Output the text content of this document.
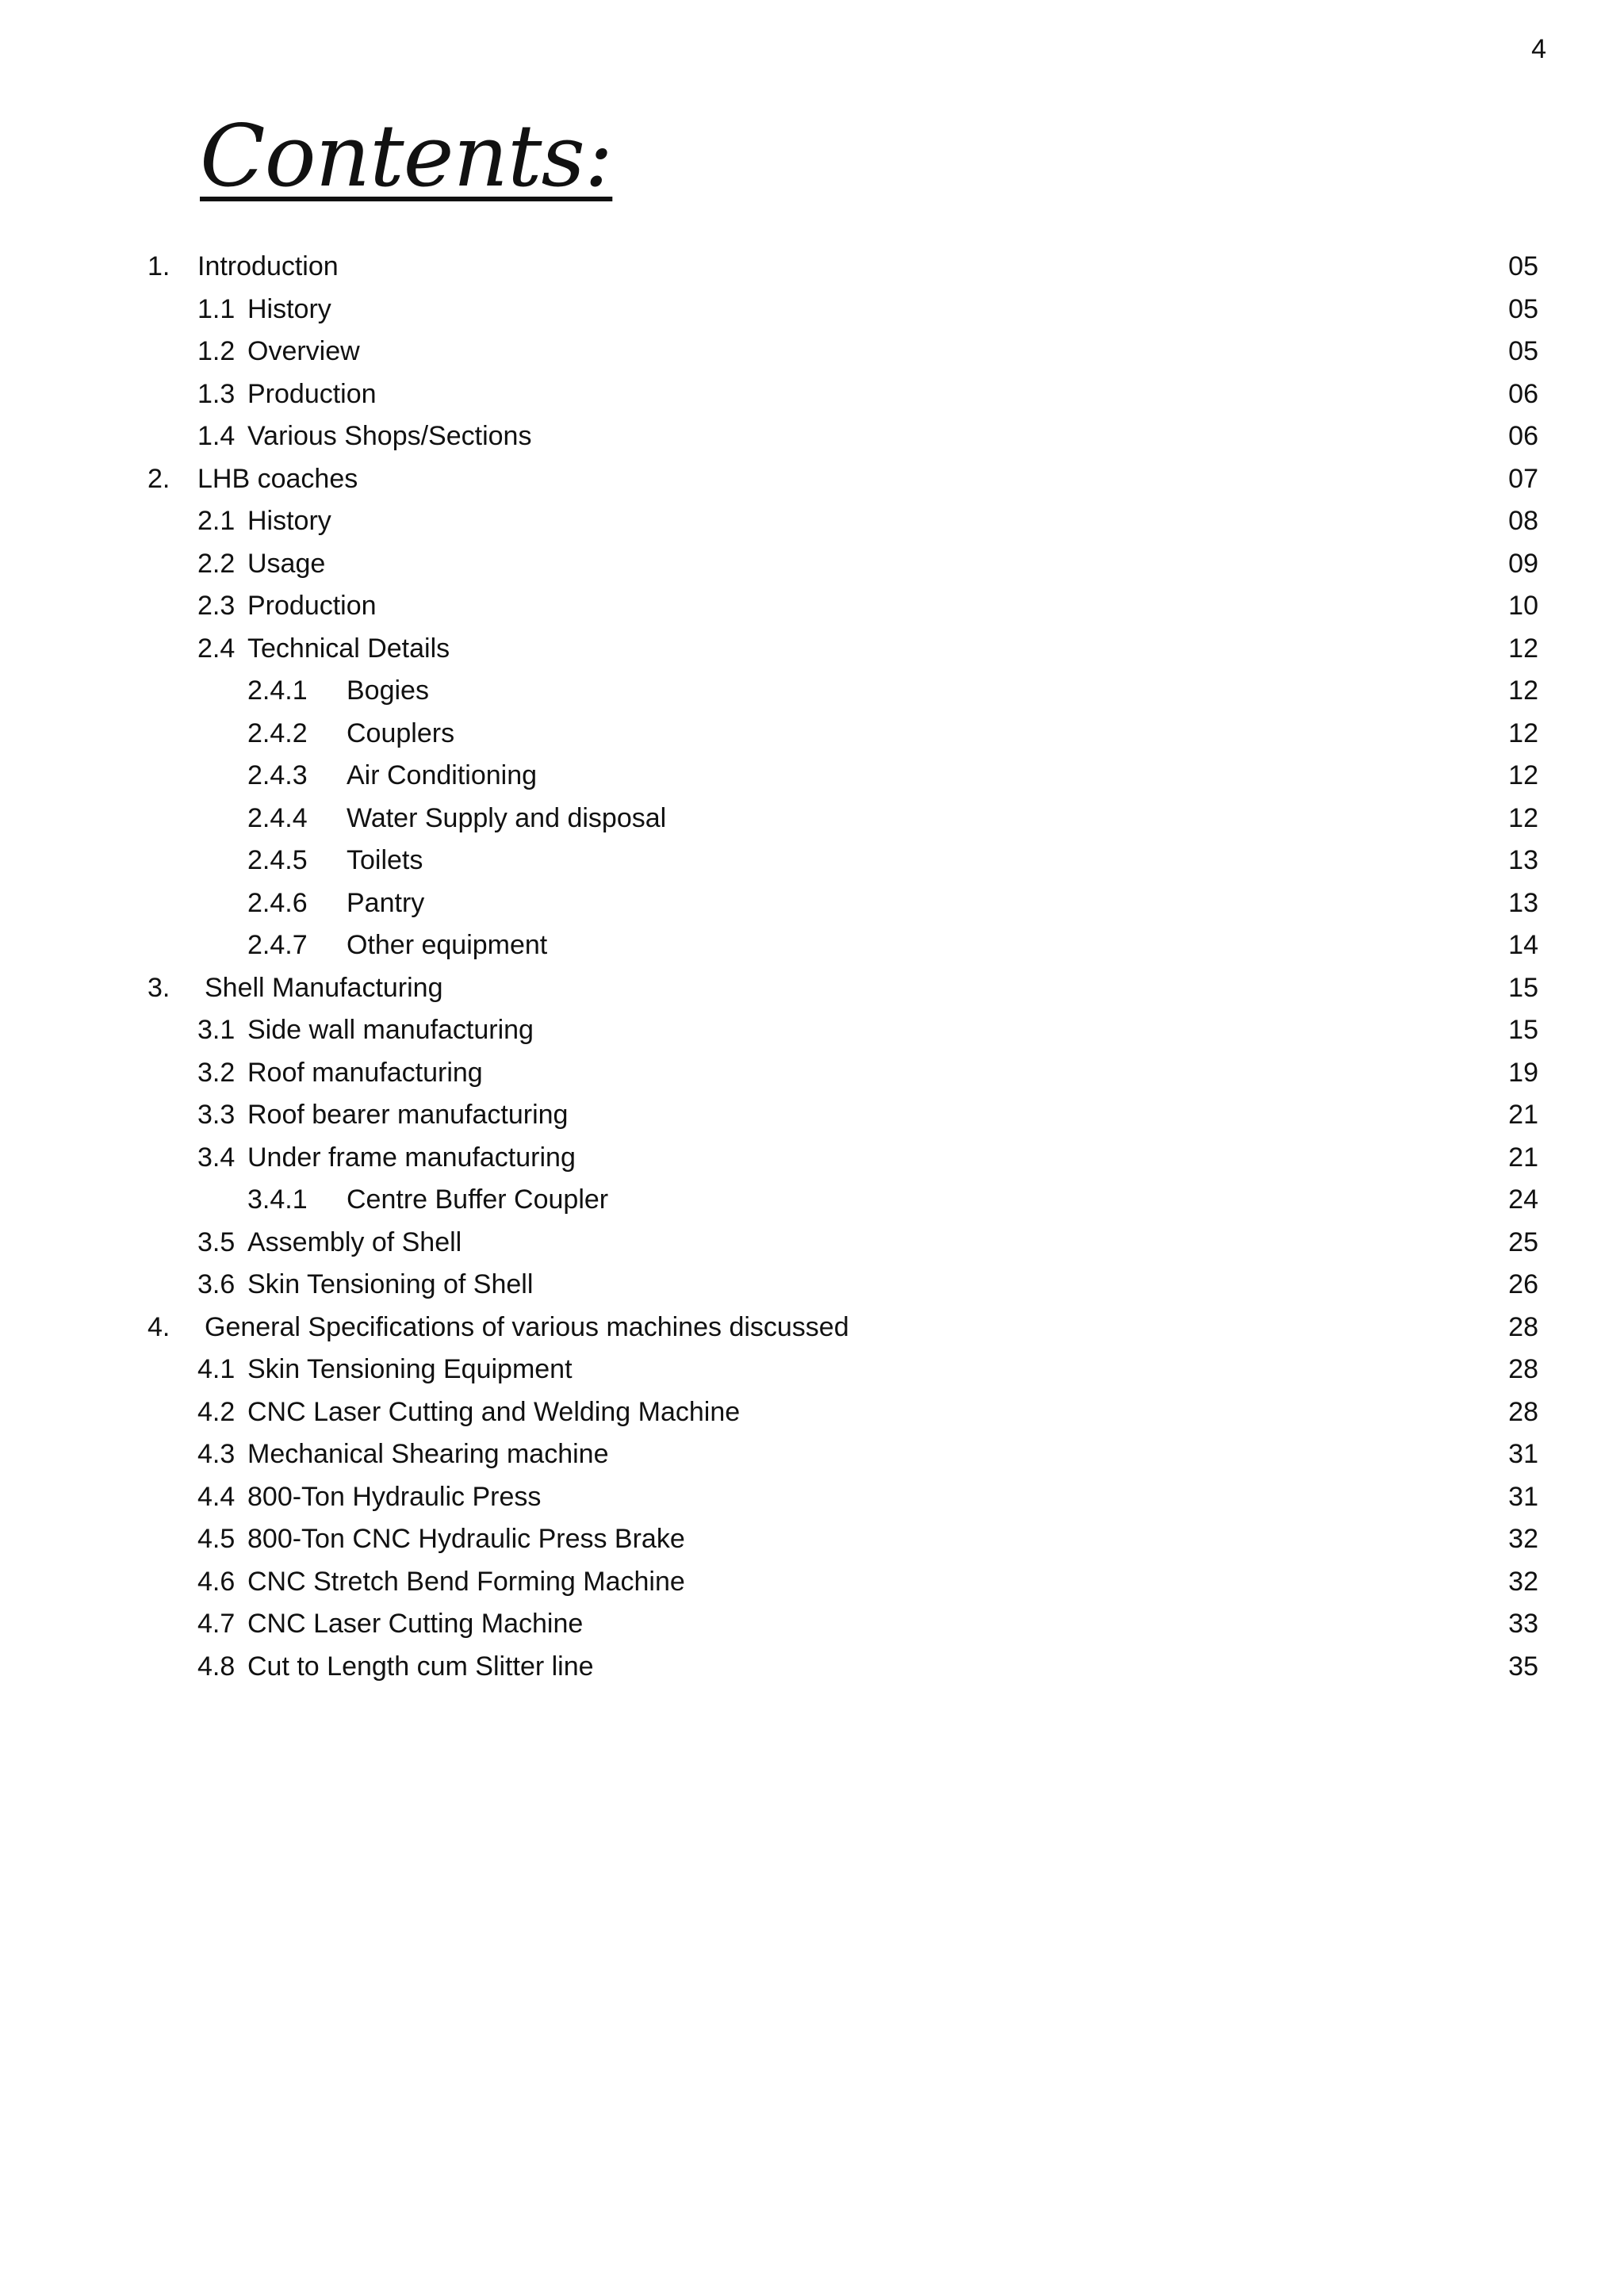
4
Contents:
1. Introduction	05
1.1 History	05
1.2 Overview	05
1.3 Production	06
1.4 Various Shops/Sections	06
2. LHB coaches	07
2.1 History	08
2.2 Usage	09
2.3 Production	10
2.4 Technical Details	12
2.4.1 Bogies	12
2.4.2 Couplers	12
2.4.3 Air Conditioning	12
2.4.4 Water Supply and disposal	12
2.4.5 Toilets	13
2.4.6 Pantry	13
2.4.7 Other equipment	14
3. Shell Manufacturing	15
3.1 Side wall manufacturing	15
3.2 Roof manufacturing	19
3.3 Roof bearer manufacturing	21
3.4 Under frame manufacturing	21
3.4.1 Centre Buffer Coupler	24
3.5 Assembly of Shell	25
3.6 Skin Tensioning of Shell	26
4. General Specifications of various machines discussed	28
4.1 Skin Tensioning Equipment	28
4.2 CNC Laser Cutting and Welding Machine	28
4.3 Mechanical Shearing machine	31
4.4 800-Ton Hydraulic Press	31
4.5 800-Ton CNC Hydraulic Press Brake	32
4.6 CNC Stretch Bend Forming Machine	32
4.7 CNC Laser Cutting Machine	33
4.8 Cut to Length cum Slitter line	35
